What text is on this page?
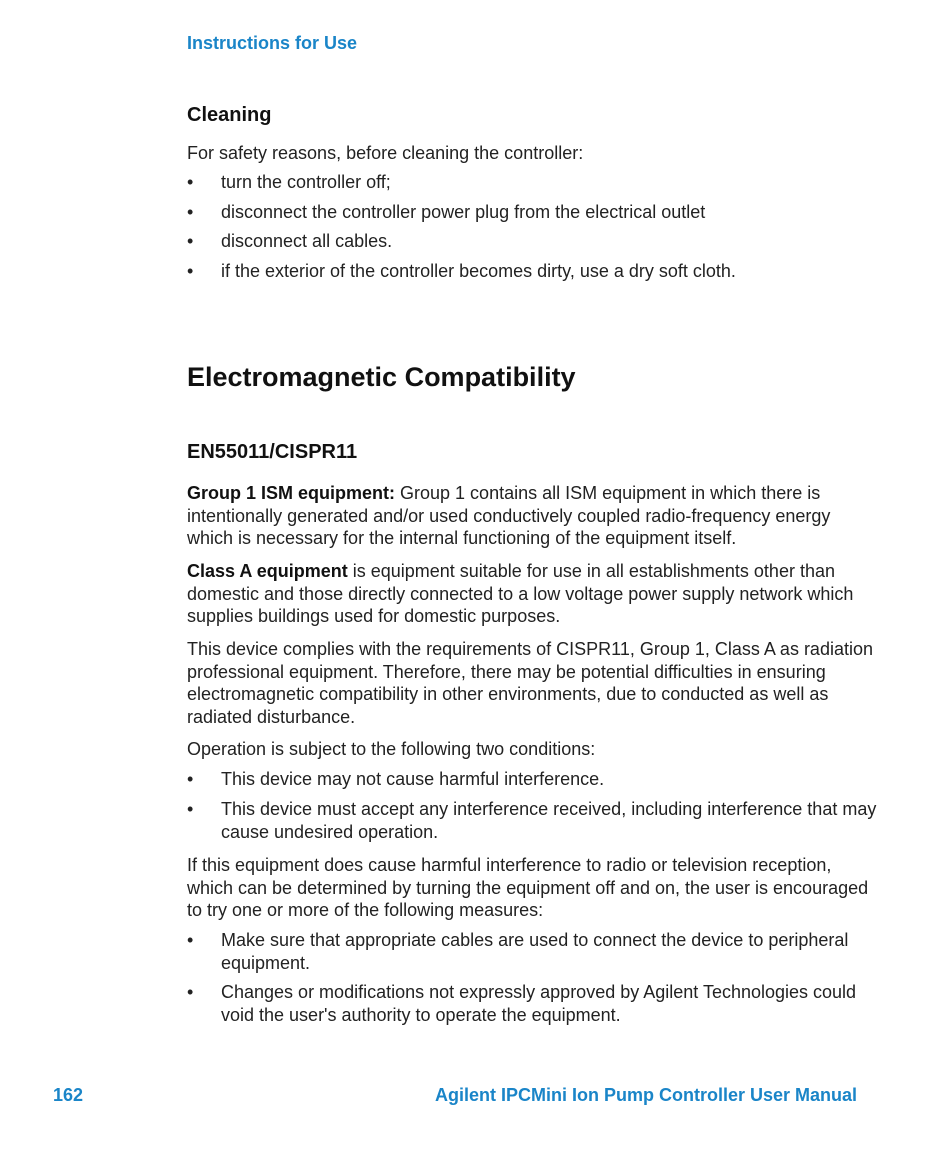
Instructions for Use
Cleaning

For safety reasons, before cleaning the controller:

•	turn the controller off;
•	disconnect the controller power plug from the electrical outlet
•	disconnect all cables.
•	if the exterior of the controller becomes dirty, use a dry soft cloth.
Electromagnetic Compatibility
EN55011/CISPR11

Group 1 ISM equipment: Group 1 contains all ISM equipment in which there is intentionally generated and/or used conductively coupled radio-frequency energy which is necessary for the internal functioning of the equipment itself.

Class A equipment is equipment suitable for use in all establishments other than domestic and those directly connected to a low voltage power supply network which supplies buildings used for domestic purposes.

This device complies with the requirements of CISPR11, Group 1, Class A as radiation professional equipment. Therefore, there may be potential difficulties in ensuring electromagnetic compatibility in other environments, due to conducted as well as radiated disturbance.

Operation is subject to the following two conditions:

•	This device may not cause harmful interference.
•	This device must accept any interference received, including interference that may cause undesired operation.

If this equipment does cause harmful interference to radio or television reception, which can be determined by turning the equipment off and on, the user is encouraged to try one or more of the following measures:

•	Make sure that appropriate cables are used to connect the device to peripheral equipment.
•	Changes or modifications not expressly approved by Agilent Technologies could void the user's authority to operate the equipment.
162	Agilent IPCMini Ion Pump Controller User Manual
